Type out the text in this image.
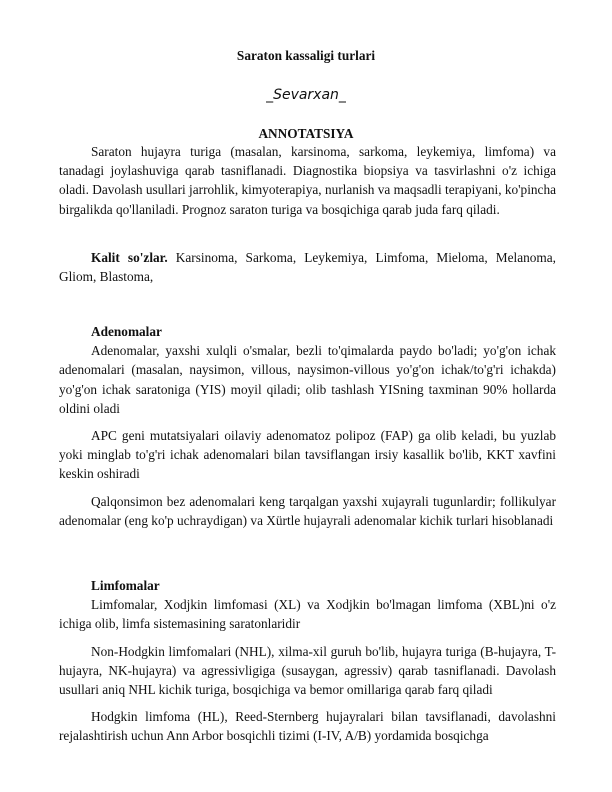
Saraton kassaligi turlari
_Sevarxan_
ANNOTATSIYA

Saraton hujayra turiga (masalan, karsinoma, sarkoma, leykemiya, limfoma) va tanadagi joylashuviga qarab tasniflanadi. Diagnostika biopsiya va tasvirlashni o'z ichiga oladi. Davolash usullari jarrohlik, kimyoterapiya, nurlanish va maqsadli terapiyani, ko'pincha birgalikda qo'llaniladi. Prognoz saraton turiga va bosqichiga qarab juda farq qiladi.

Kalit so'zlar. Karsinoma, Sarkoma, Leykemiya, Limfoma, Mieloma, Melanoma, Gliom, Blastoma,

Adenomalar

Adenomalar, yaxshi xulqli o'smalar, bezli to'qimalarda paydo bo'ladi; yo'g'on ichak adenomalari (masalan, naysimon, villous, naysimon-villous yo'g'on ichak/to'g'ri ichakda) yo'g'on ichak saratoniga (YIS) moyil qiladi; olib tashlash YISning taxminan 90% hollarda oldini oladi

APC geni mutatsiyalari oilaviy adenomatoz polipoz (FAP) ga olib keladi, bu yuzlab yoki minglab to'g'ri ichak adenomalari bilan tavsiflangan irsiy kasallik bo'lib, KKT xavfini keskin oshiradi

Qalqonsimon bez adenomalari keng tarqalgan yaxshi xujayrali tugunlardir; follikulyar adenomalar (eng ko'p uchraydigan) va Xürtle hujayrali adenomalar kichik turlari hisoblanadi

Limfomalar

Limfomalar, Xodjkin limfomasi (XL) va Xodjkin bo'lmagan limfoma (XBL)ni o'z ichiga olib, limfa sistemasining saratonlaridir

Non-Hodgkin limfomalari (NHL), xilma-xil guruh bo'lib, hujayra turiga (B-hujayra, T-hujayra, NK-hujayra) va agressivligiga (susaygan, agressiv) qarab tasniflanadi. Davolash usullari aniq NHL kichik turiga, bosqichiga va bemor omillariga qarab farq qiladi

Hodgkin limfoma (HL), Reed-Sternberg hujayralari bilan tavsiflanadi, davolashni rejalashtirish uchun Ann Arbor bosqichli tizimi (I-IV, A/B) yordamida bosqichga
